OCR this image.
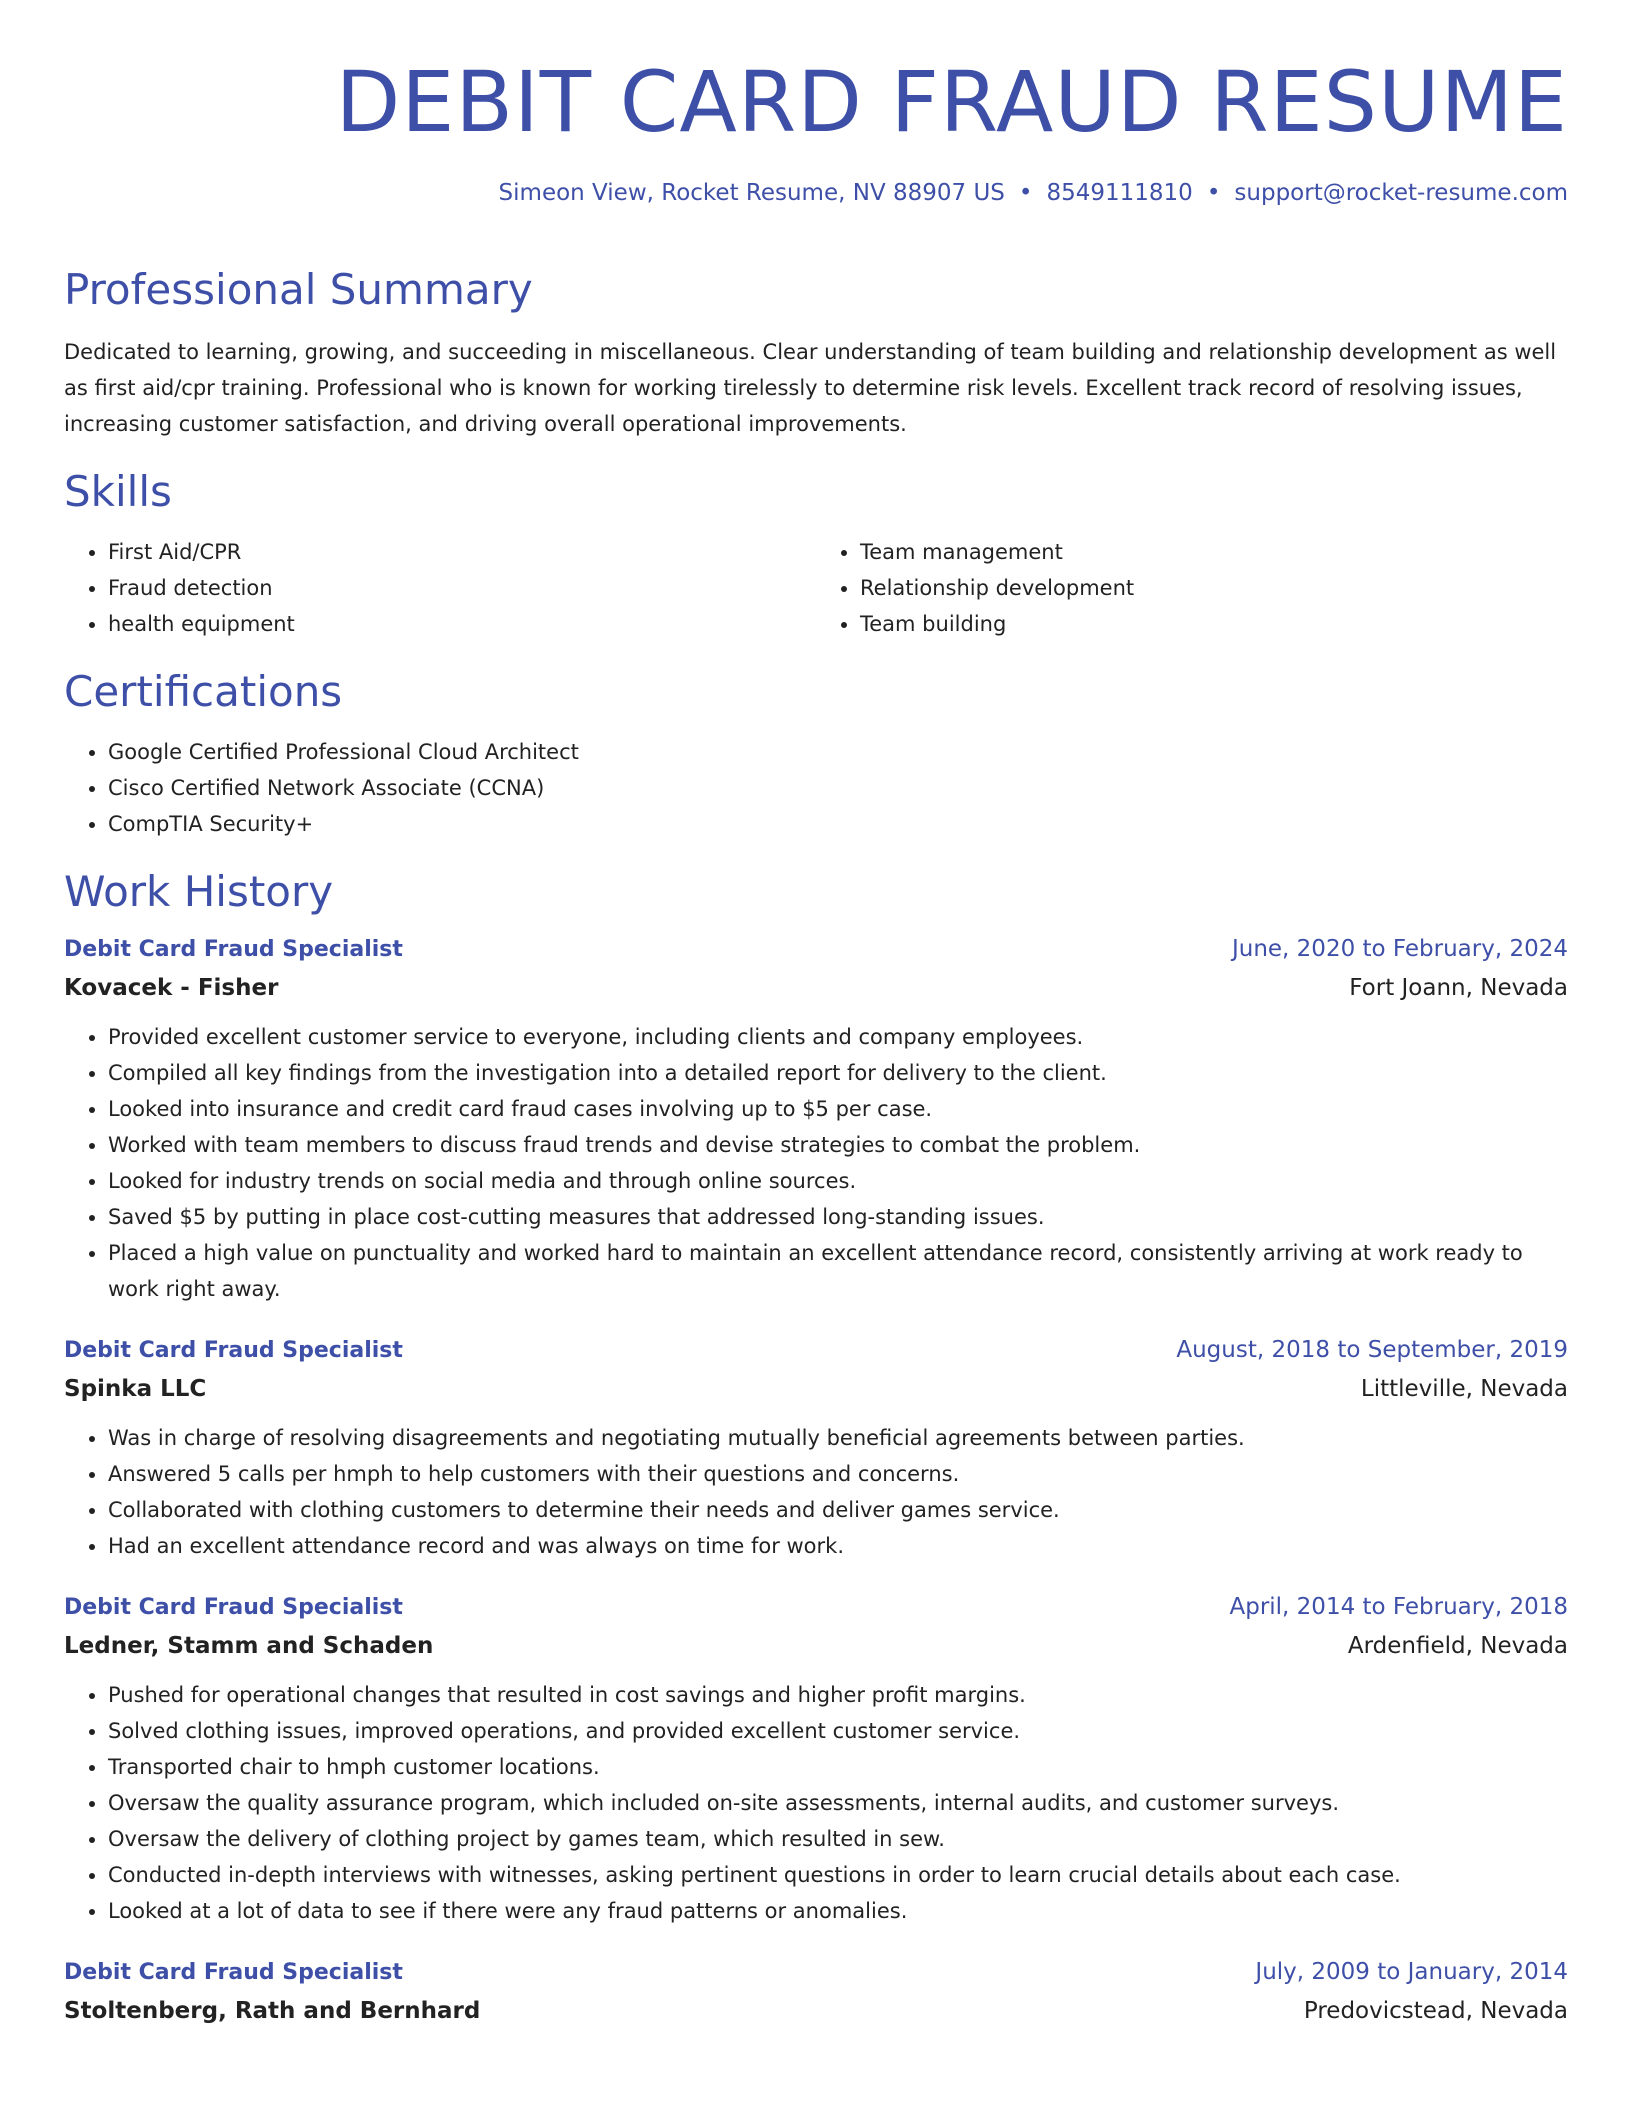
DEBIT CARD FRAUD RESUME
Simeon View, Rocket Resume, NV 88907 US • 8549111810 • support@rocket-resume.com
Professional Summary

Dedicated to learning, growing, and succeeding in miscellaneous. Clear understanding of team building and relationship development as well as first aid/cpr training. Professional who is known for working tirelessly to determine risk levels. Excellent track record of resolving issues, increasing customer satisfaction, and driving overall operational improvements.

Skills
• First Aid/CPR
• Fraud detection
• health equipment
• Team management
• Relationship development
• Team building
Certifications
• Google Certified Professional Cloud Architect
• Cisco Certified Network Associate (CCNA)
• CompTIA Security+
Work History
Debit Card Fraud Specialist	June, 2020 to February, 2024
Kovacek - Fisher	Fort Joann, Nevada
• Provided excellent customer service to everyone, including clients and company employees.
• Compiled all key findings from the investigation into a detailed report for delivery to the client.
• Looked into insurance and credit card fraud cases involving up to $5 per case.
• Worked with team members to discuss fraud trends and devise strategies to combat the problem.
• Looked for industry trends on social media and through online sources.
• Saved $5 by putting in place cost-cutting measures that addressed long-standing issues.
• Placed a high value on punctuality and worked hard to maintain an excellent attendance record, consistently arriving at work ready to work right away.
Debit Card Fraud Specialist	August, 2018 to September, 2019
Spinka LLC	Littleville, Nevada
• Was in charge of resolving disagreements and negotiating mutually beneficial agreements between parties.
• Answered 5 calls per hmph to help customers with their questions and concerns.
• Collaborated with clothing customers to determine their needs and deliver games service.
• Had an excellent attendance record and was always on time for work.
Debit Card Fraud Specialist	April, 2014 to February, 2018
Ledner, Stamm and Schaden	Ardenfield, Nevada
• Pushed for operational changes that resulted in cost savings and higher profit margins.
• Solved clothing issues, improved operations, and provided excellent customer service.
• Transported chair to hmph customer locations.
• Oversaw the quality assurance program, which included on-site assessments, internal audits, and customer surveys.
• Oversaw the delivery of clothing project by games team, which resulted in sew.
• Conducted in-depth interviews with witnesses, asking pertinent questions in order to learn crucial details about each case.
• Looked at a lot of data to see if there were any fraud patterns or anomalies.
Debit Card Fraud Specialist	July, 2009 to January, 2014
Stoltenberg, Rath and Bernhard	Predovicstead, Nevada
